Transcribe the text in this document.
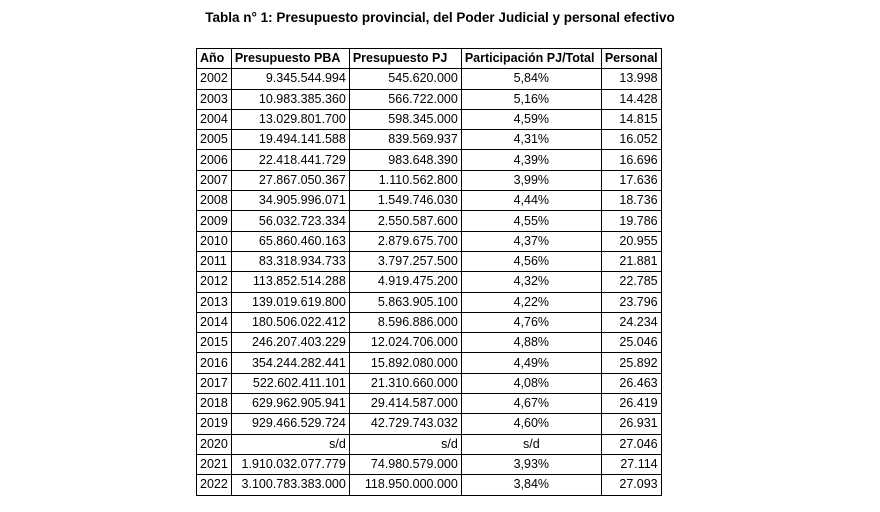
Tabla n° 1: Presupuesto provincial, del Poder Judicial y personal efectivo
Año	Presupuesto PBA	Presupuesto PJ	Participación PJ/Total	Personal
2002	9.345.544.994	545.620.000	5,84%	13.998
2003	10.983.385.360	566.722.000	5,16%	14.428
2004	13.029.801.700	598.345.000	4,59%	14.815
2005	19.494.141.588	839.569.937	4,31%	16.052
2006	22.418.441.729	983.648.390	4,39%	16.696
2007	27.867.050.367	1.110.562.800	3,99%	17.636
2008	34.905.996.071	1.549.746.030	4,44%	18.736
2009	56.032.723.334	2.550.587.600	4,55%	19.786
2010	65.860.460.163	2.879.675.700	4,37%	20.955
2011	83.318.934.733	3.797.257.500	4,56%	21.881
2012	113.852.514.288	4.919.475.200	4,32%	22.785
2013	139.019.619.800	5.863.905.100	4,22%	23.796
2014	180.506.022.412	8.596.886.000	4,76%	24.234
2015	246.207.403.229	12.024.706.000	4,88%	25.046
2016	354.244.282.441	15.892.080.000	4,49%	25.892
2017	522.602.411.101	21.310.660.000	4,08%	26.463
2018	629.962.905.941	29.414.587.000	4,67%	26.419
2019	929.466.529.724	42.729.743.032	4,60%	26.931
2020	s/d	s/d	s/d	27.046
2021	1.910.032.077.779	74.980.579.000	3,93%	27.114
2022	3.100.783.383.000	118.950.000.000	3,84%	27.093
